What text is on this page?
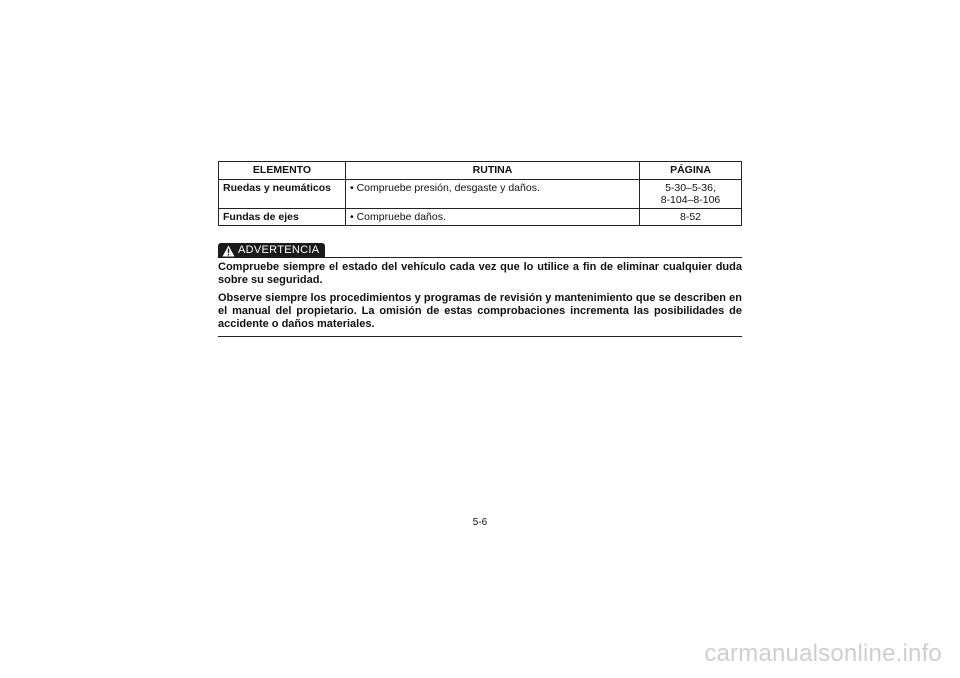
ELEMENTO	RUTINA	PÁGINA
Ruedas y neumáticos	• Compruebe presión, desgaste y daños.	5-30–5-36,
8-104–8-106

Fundas de ejes	• Compruebe daños.	8-52
ADVERTENCIA

Compruebe siempre el estado del vehículo cada vez que lo utilice a fin de eliminar cualquier duda sobre su seguridad.

Observe siempre los procedimientos y programas de revisión y mantenimiento que se describen en el manual del propietario. La omisión de estas comprobaciones incrementa las posibilidades de accidente o daños materiales.

5-6
carmanualsonline.info
